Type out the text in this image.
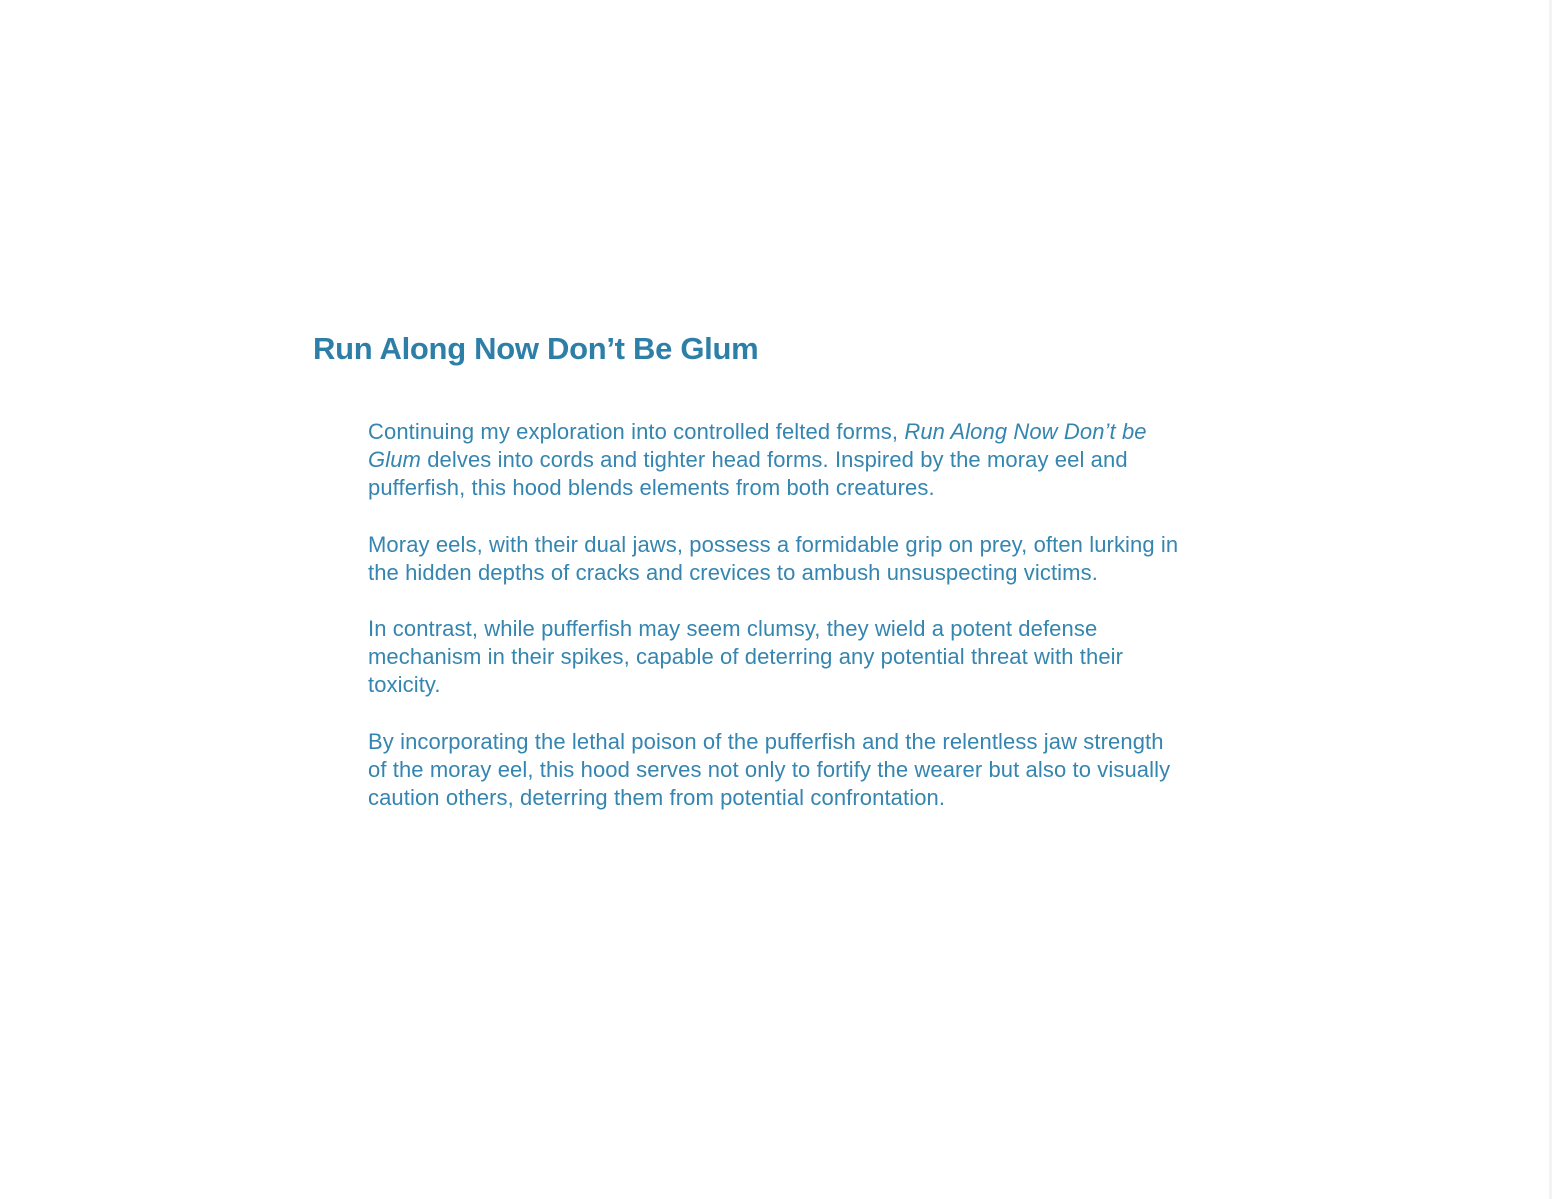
Run Along Now Don’t Be Glum

Continuing my exploration into controlled felted forms, Run Along Now Don’t be Glum delves into cords and tighter head forms. Inspired by the moray eel and pufferfish, this hood blends elements from both creatures.

Moray eels, with their dual jaws, possess a formidable grip on prey, often lurking in the hidden depths of cracks and crevices to ambush unsuspecting victims.

In contrast, while pufferfish may seem clumsy, they wield a potent defense mechanism in their spikes, capable of deterring any potential threat with their toxicity.

By incorporating the lethal poison of the pufferfish and the relentless jaw strength of the moray eel, this hood serves not only to fortify the wearer but also to visually caution others, deterring them from potential confrontation.
